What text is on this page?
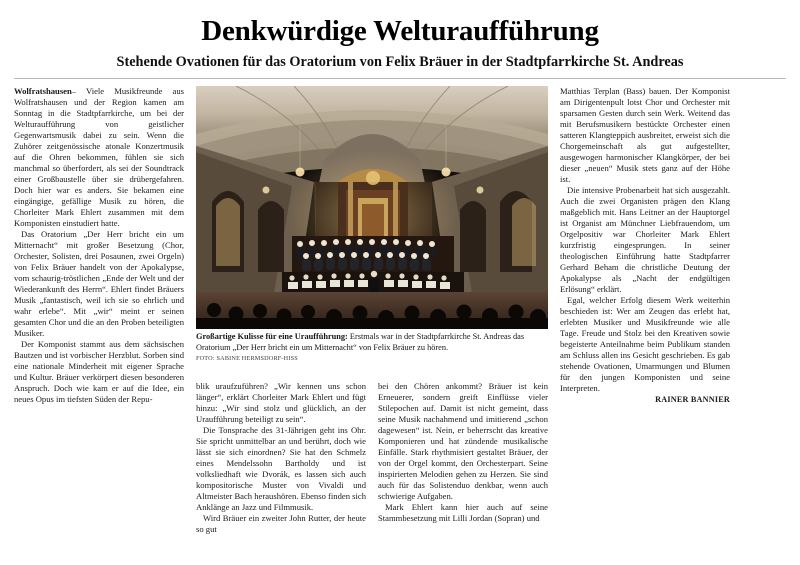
Denkwürdige Welturaufführung
Stehende Ovationen für das Oratorium von Felix Bräuer in der Stadtpfarrkirche St. Andreas

Wolfratshausen– Viele Musikfreunde aus Wolfratshausen und der Region kamen am Sonntag in die Stadtpfarrkirche, um bei der Welturaufführung von geistlicher Gegenwartsmusik dabei zu sein. Wenn die Zuhörer zeitgenössische atonale Konzertmusik auf die Ohren bekommen, fühlen sie sich manchmal so überfordert, als sei der Soundtrack einer Großbaustelle über sie drübergefahren. Doch hier war es anders. Sie bekamen eine eingängige, gefällige Musik zu hören, die Chorleiter Mark Ehlert zusammen mit dem Komponisten einstudiert hatte.

Das Oratorium „Der Herr bricht ein um Mitternacht“ mit großer Besetzung (Chor, Orchester, Solisten, drei Posaunen, zwei Orgeln) von Felix Bräuer handelt von der Apokalypse, vom schaurig-tröstlichen „Ende der Welt und der Wiederankunft des Herrn“. Ehlert findet Bräuers Musik „fantastisch, weil ich sie so ehrlich und wahr erlebe“. Mit „wir“ meint er seinen gesamten Chor und die an den Proben beteiligten Musiker.

Der Komponist stammt aus dem sächsischen Bautzen und ist vorbischer Herzblut. Sorben sind eine nationale Minderheit mit eigener Sprache und Kultur. Bräuer verkörpert diesen besonderen Anspruch. Doch wie kam er auf die Idee, ein neues Opus im tiefsten Süden der Repu-

Großartige Kulisse für eine Uraufführung: Erstmals war in der Stadtpfarrkirche St. Andreas das Oratorium „Der Herr bricht ein um Mitternacht“ von Felix Bräuer zu hören.
FOTO: SABINE HERMSDORF-HISS

blik uraufzuführen? „Wir kennen uns schon länger“, erklärt Chorleiter Mark Ehlert und fügt hinzu: „Wir sind stolz und glücklich, an der Uraufführung beteiligt zu sein“.

Die Tonsprache des 31-Jährigen geht ins Ohr. Sie spricht unmittelbar an und berührt, doch wie lässt sie sich einordnen? Sie hat den Schmelz eines Mendelssohn Bartholdy und ist volksliedhaft wie Dvorák, es lassen sich auch kompositorische Muster von Vivaldi und Altmeister Bach heraushören. Ebenso finden sich Anklänge an Jazz und Filmmusik.

Wird Bräuer ein zweiter John Rutter, der heute so gut

bei den Chören ankommt? Bräuer ist kein Erneuerer, sondern greift Einflüsse vieler Stilepochen auf. Damit ist nicht gemeint, dass seine Musik nachahmend und imitierend „schon dagewesen“ ist. Nein, er beherrscht das kreative Komponieren und hat zündende musikalische Einfälle. Stark rhythmisiert gestaltet Bräuer, der von der Orgel kommt, den Orchesterpart. Seine inspirierten Melodien gehen zu Herzen. Sie sind auch für das Solistenduo denkbar, wenn auch schwierige Aufgaben.

Mark Ehlert kann hier auch auf seine Stammbesetzung mit Lilli Jordan (Sopran) und

Matthias Terplan (Bass) bauen. Der Komponist am Dirigentenpult lotst Chor und Orchester mit sparsamen Gesten durch sein Werk. Weitend das mit Berufsmusikern bestückte Orchester einen satteren Klangteppich ausbreitet, erweist sich die Chorgemeinschaft als gut aufgestellter, ausgewogen harmonischer Klangkörper, der bei dieser „neuen“ Musik stets ganz auf der Höhe ist.

Die intensive Probenarbeit hat sich ausgezahlt. Auch die zwei Organisten prägen den Klang maßgeblich mit. Hans Leitner an der Hauptorgel ist Organist am Münchner Liebfrauendom, um Orgelpositiv war Chorleiter Mark Ehlert kurzfristig eingesprungen. In seiner theologischen Einführung hatte Stadtpfarrer Gerhard Beham die christliche Deutung der Apokalypse als „Nacht der endgültigen Erlösung“ erklärt.

Egal, welcher Erfolg diesem Werk weiterhin beschieden ist: Wer am Zeugen das erlebt hat, erlebten Musiker und Musikfreunde wie alle Tage. Freude und Stolz bei den Kreativen sowie begeisterte Anteilnahme beim Publikum standen am Schluss allen ins Gesicht geschrieben. Es gab stehende Ovationen, Umarmungen und Blumen für den jungen Komponisten und seine Interpreten.

RAINER BANNIER
